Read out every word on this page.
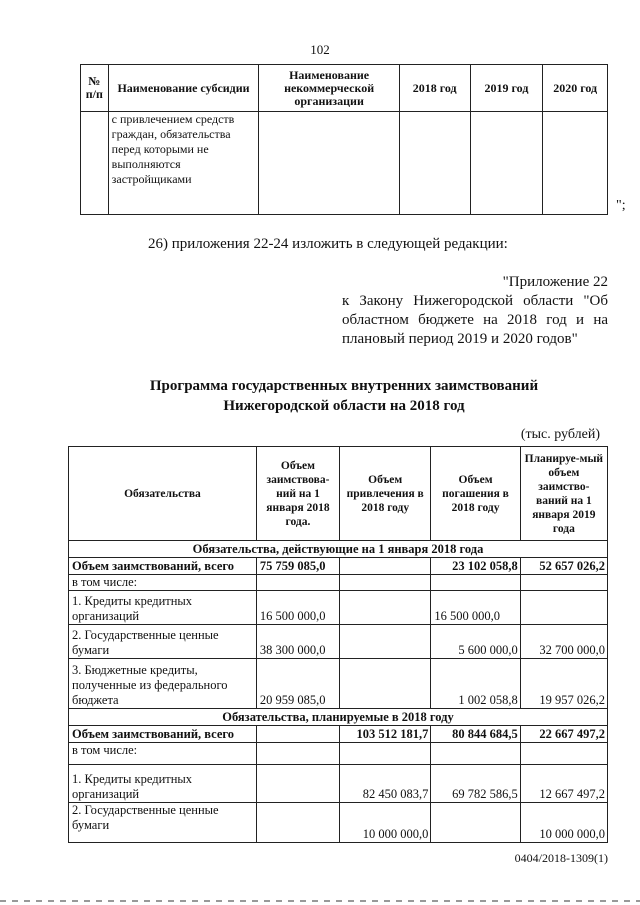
102
№ п/п	Наименование субсидии	Наименование некоммерческой организации	2018 год	2019 год	2020 год
	с привлечением средств граждан, обязательства перед которыми не выполняются застройщиками				
";
26) приложения 22-24 изложить в следующей редакции:
"Приложение 22
к Закону Нижегородской области "Об областном бюджете на 2018 год и на плановый период 2019 и 2020 годов"
Программа государственных внутренних заимствований
Нижегородской области на 2018 год
(тыс. рублей)
Обязательства	Объем заимствова-ний на 1 января 2018 года.	Объем привлечения в 2018 году	Объем погашения в 2018 году	Планируе-мый объем заимство-ваний на 1 января 2019 года
Обязательства, действующие на 1 января 2018 года				
Объем заимствований, всего	75 759 085,0		23 102 058,8	52 657 026,2
в том числе:				
1. Кредиты кредитных организаций	16 500 000,0		16 500 000,0	
2. Государственные ценные бумаги	38 300 000,0		5 600 000,0	32 700 000,0
3. Бюджетные кредиты, полученные из федерального бюджета	20 959 085,0		1 002 058,8	19 957 026,2
Обязательства, планируемые в 2018 году				
Объем заимствований, всего		103 512 181,7	80 844 684,5	22 667 497,2
в том числе:				
1. Кредиты кредитных организаций		82 450 083,7	69 782 586,5	12 667 497,2
2. Государственные ценные бумаги		10 000 000,0		10 000 000,0
0404/2018-1309(1)
